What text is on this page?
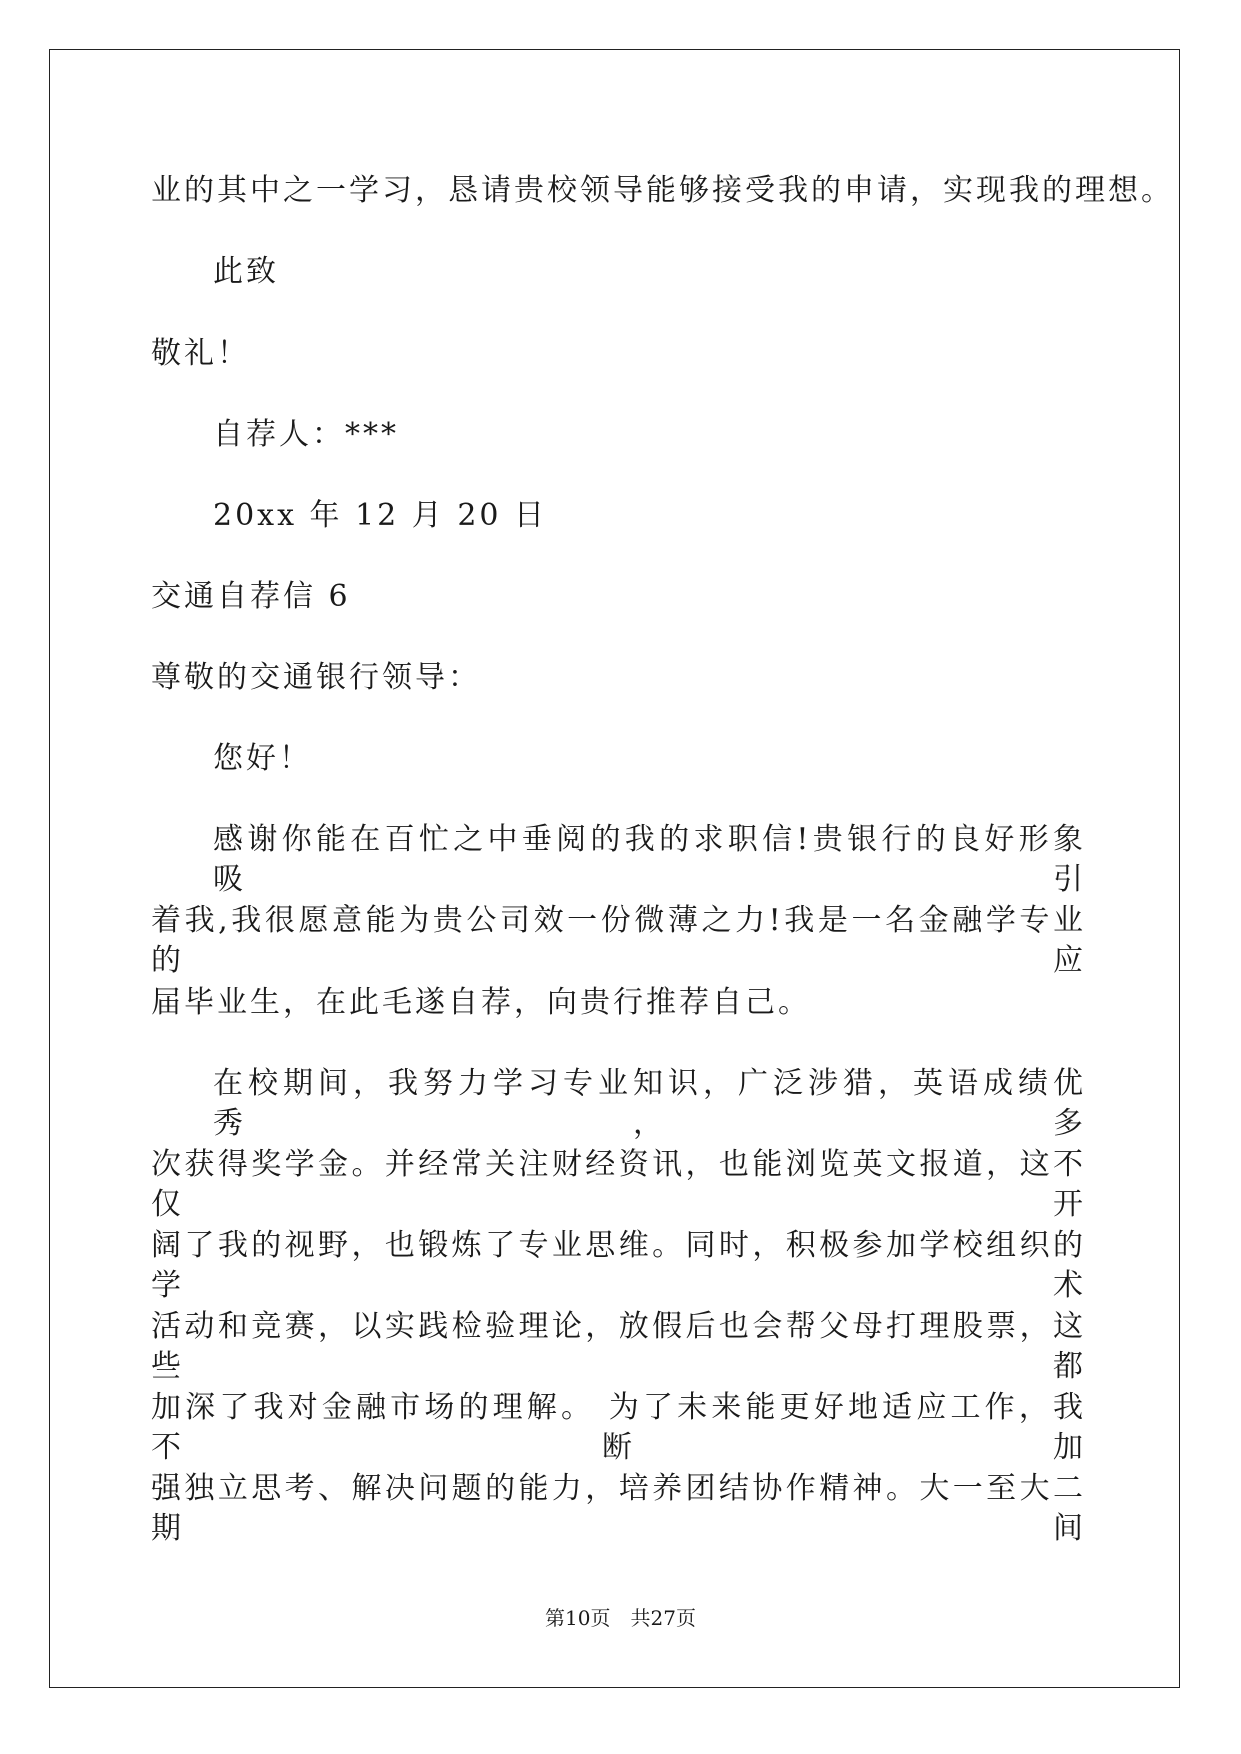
业的其中之一学习，恳请贵校领导能够接受我的申请，实现我的理想。
此致
敬礼！
自荐人：***
20xx 年 12 月 20 日
交通自荐信 6
尊敬的交通银行领导：
您好！
感谢你能在百忙之中垂阅的我的求职信!贵银行的良好形象吸引
着我,我很愿意能为贵公司效一份微薄之力!我是一名金融学专业的应
届毕业生，在此毛遂自荐，向贵行推荐自己。
在校期间，我努力学习专业知识，广泛涉猎，英语成绩优秀，多
次获得奖学金。并经常关注财经资讯，也能浏览英文报道，这不仅开
阔了我的视野，也锻炼了专业思维。同时，积极参加学校组织的学术
活动和竞赛，以实践检验理论，放假后也会帮父母打理股票，这些都
加深了我对金融市场的理解。 为了未来能更好地适应工作，我不断加
强独立思考、解决问题的能力，培养团结协作精神。大一至大二期间
第10页　共27页
